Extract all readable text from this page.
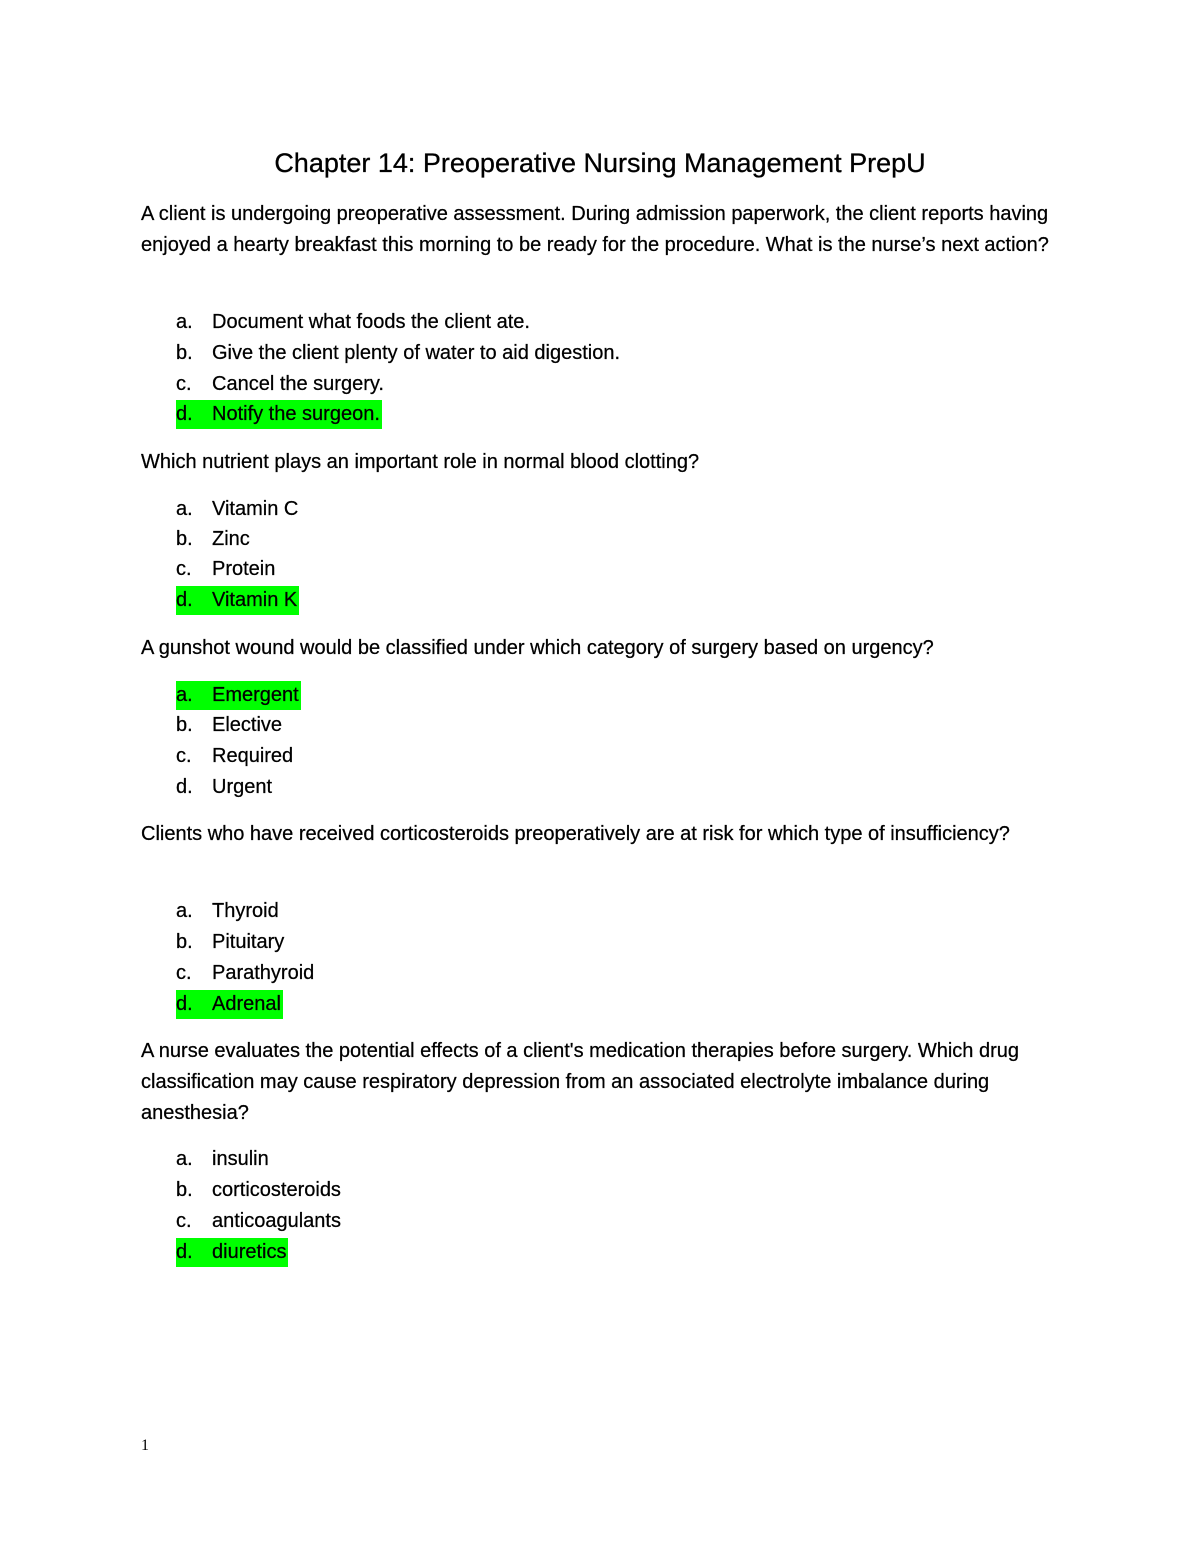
Chapter 14: Preoperative Nursing Management PrepU

A client is undergoing preoperative assessment. During admission paperwork, the client reports having enjoyed a hearty breakfast this morning to be ready for the procedure. What is the nurse’s next action?

a. Document what foods the client ate.
b. Give the client plenty of water to aid digestion.
c. Cancel the surgery.
d. Notify the surgeon.

Which nutrient plays an important role in normal blood clotting?

a. Vitamin C
b. Zinc
c. Protein
d. Vitamin K

A gunshot wound would be classified under which category of surgery based on urgency?

a. Emergent
b. Elective
c. Required
d. Urgent

Clients who have received corticosteroids preoperatively are at risk for which type of insufficiency?

a. Thyroid
b. Pituitary
c. Parathyroid
d. Adrenal

A nurse evaluates the potential effects of a client's medication therapies before surgery. Which drug classification may cause respiratory depression from an associated electrolyte imbalance during anesthesia?

a. insulin
b. corticosteroids
c. anticoagulants
d. diuretics
1
